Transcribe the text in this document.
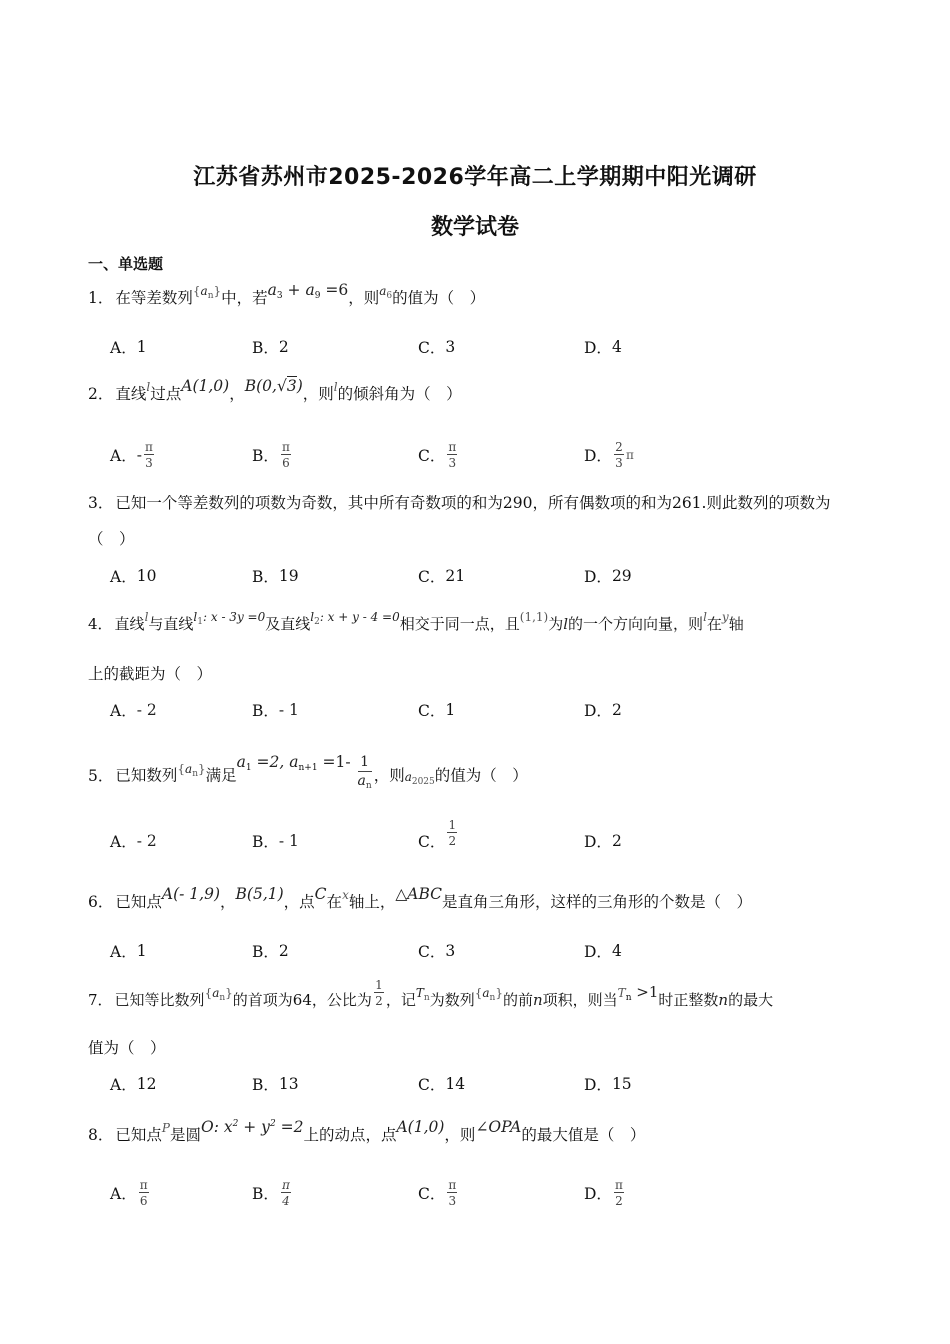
江苏省苏州市2025-2026学年高二上学期期中阳光调研
数学试卷
一、单选题
1． 在等差数列$^{\{a_n\}}$中，若$a_3 + a_9 =6$，则$^{a_6}$的值为（　）
A． 1	B． 2	C． 3	D． 4
2． 直线$^l$过点A(1,0)，B(0,√3)，则$^l$的倾斜角为（　）
A． - $\frac{\pi}{3}$	B． $\frac{\pi}{6}$	C． $\frac{\pi}{3}$	D． $\frac{2}{3}$ π
3． 已知一个等差数列的项数为奇数，其中所有奇数项的和为290，所有偶数项的和为261.则此数列的项数为（　）
A． 10	B． 19	C． 21	D． 29
4． 直线$^l$与直线$^{l_1: x - 3y =0}$及直线$^{l_2: x + y - 4 =0}$相交于同一点，且$^{(1,1)}$为l的一个方向向量，则$^l$在$^y$轴
上的截距为（　）
A． - 2	B． - 1	C． 1	D． 2
5． 已知数列$^{\{a_n\}}$满足$a_1 =2$, $a_{n+1} =1- \frac{1}{a_n}$ ，则$a_{2025}$的值为（　）
A． - 2	B． - 1	C． $\frac{1}{2}$	D． 2
6． 已知点A(- 1,9)，B(5,1)，点C在$^x$轴上，△ABC是直角三角形，这样的三角形的个数是（　）
A． 1	B． 2	C． 3	D． 4
7． 已知等比数列$^{\{a_n\}}$的首项为64，公比为 $\frac{1}{2}$ ，记$^{T_n}$为数列$^{\{a_n\}}$的前n项积，则当$T_n >1$时正整数n的最大
值为（　）
A． 12	B． 13	C． 14	D． 15
8． 已知点$^P$是圆O: $x^2 + y^2 =2$上的动点，点A(1,0)，则∠OPA的最大值是（　）
A． $\frac{\pi}{6}$	B． $\frac{\pi}{4}$	C． $\frac{\pi}{3}$	D． $\frac{\pi}{2}$
